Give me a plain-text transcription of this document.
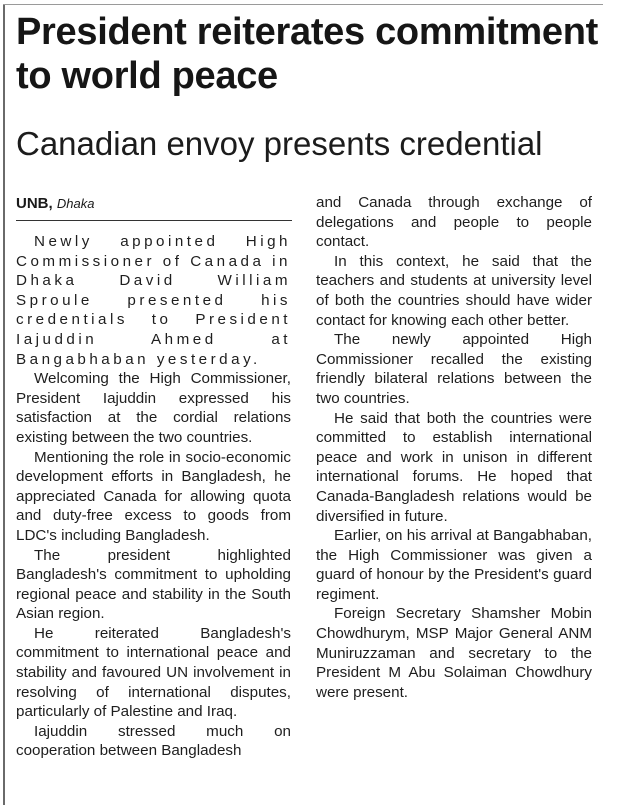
President reiterates commitment to world peace
Canadian envoy presents credential
UNB, Dhaka

Newly appointed High Commissioner of Canada in Dhaka David William Sproule presented his credentials to President Iajuddin Ahmed at Bangabhaban yesterday.

Welcoming the High Commissioner, President Iajuddin expressed his satisfaction at the cordial relations existing between the two countries.

Mentioning the role in socio-economic development efforts in Bangladesh, he appreciated Canada for allowing quota and duty-free excess to goods from LDC's including Bangladesh.

The president highlighted Bangladesh's commitment to upholding regional peace and stability in the South Asian region.

He reiterated Bangladesh's commitment to international peace and stability and favoured UN involvement in resolving of international disputes, particularly of Palestine and Iraq.

Iajuddin stressed much on cooperation between Bangladesh

and Canada through exchange of delegations and people to people contact.

In this context, he said that the teachers and students at university level of both the countries should have wider contact for knowing each other better.

The newly appointed High Commissioner recalled the existing friendly bilateral relations between the two countries.

He said that both the countries were committed to establish international peace and work in unison in different international forums. He hoped that Canada-Bangladesh relations would be diversified in future.

Earlier, on his arrival at Bangabhaban, the High Commissioner was given a guard of honour by the President's guard regiment.

Foreign Secretary Shamsher Mobin Chowdhurym, MSP Major General ANM Muniruzzaman and secretary to the President M Abu Solaiman Chowdhury were present.
